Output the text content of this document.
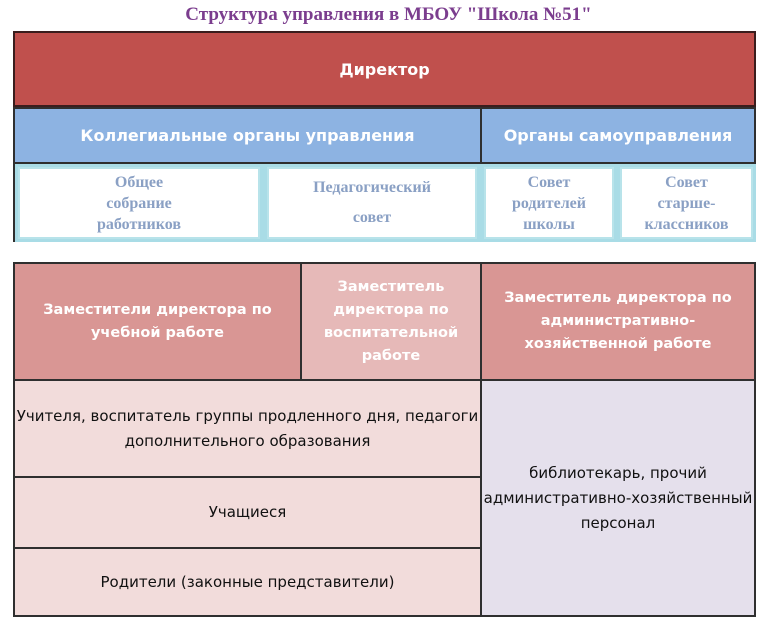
Структура управления в МБОУ "Школа №51"
Директор
Коллегиальные органы управления	Органы самоуправления
Общее
собрание
работников
Педагогический
совет
Совет
родителей
школы
Совет
старше-
классников
Заместители директора по
учебной работе
Заместитель
директора по
воспитательной
работе
Заместитель директора по
административно-
хозяйственной работе
Учителя, воспитатель группы продленного дня, педагоги
дополнительного образования
Учащиеся
Родители (законные представители)
библиотекарь, прочий
административно-хозяйственный
персонал
